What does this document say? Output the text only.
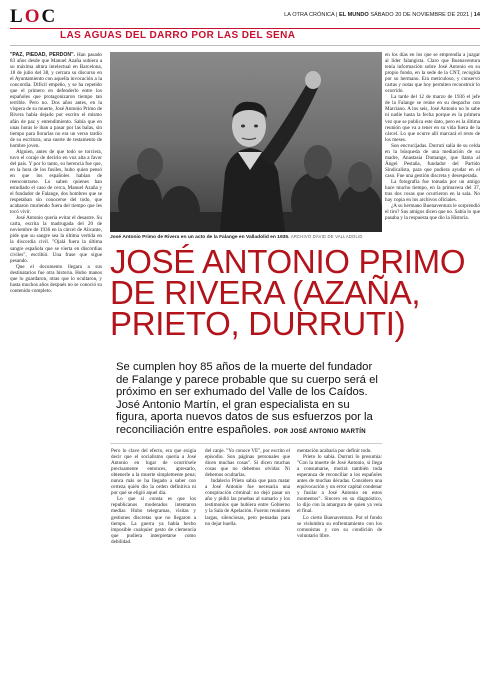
LOC	LA OTRA CRÓNICA | EL MUNDO SÁBADO 20 DE NOVIEMBRE DE 2021 | 14
LAS AGUAS DEL DARRO POR LAS DEL SENA

"PAZ, PIEDAD, PERDÓN". Han pasado 83 años desde que Manuel Azaña subiera a su máxima altura intelectual en Barcelona, 18 de julio del 38, y cerrara su discurso en el Ayuntamiento con aquella invocación a la concordia. Difícil empeño, y se ha repetido que el primero en defenderlo entre los españoles que protagonizaron tiempo tan terrible. Pero no. Dos años antes, en la víspera de su muerte, José Antonio Primo de Rivera había dejado por escrito el mismo afán de paz y entendimiento. Sabía que en unas horas le iban a pasar por las balas, sin tiempo para llorarlas no era un verso tardío de su escritura, una suerte de testamento de hombre joven.

Alguien, antes de que todo se torciera, tuvo el coraje de decirlo en voz alta a favor del país. Y por lo tanto, su herencia fue que, en la hora de los fusiles, hubo quien pensó en que los españoles habían de reencontrarse. Lo saben quienes han estudiado el caso de cerca, Manuel Azaña y el fundador de Falange, dos hombres que se respetaban sin conocerse del todo, que acabaron muriendo fuera del tiempo que les tocó vivir.

José Antonio quería evitar el desastre. Su carta, escrita la madrugada del 20 de noviembre de 1936 en la cárcel de Alicante, pide que su sangre sea la última vertida en la discordia civil. "Ojalá fuera la última sangre española que se vierta en discordias civiles", escribió. Una frase que sigue pesando.

Que el documento llegara a sus destinatarios fue otra historia. Hubo manos que lo guardaron, otras que lo ocultaron, y hasta muchos años después no se conoció su contenido completo.

José Antonio Primo de Rivera en un acto de la Falange en Valladolid en 1935. ARCHIVO DAVID DE VALLADOLID
JOSÉ ANTONIO PRIMO
DE RIVERA (AZAÑA,
PRIETO, DURRUTI)
Se cumplen hoy 85 años de la muerte del fundador de Falange y parece probable que su cuerpo será el próximo en ser exhumado del Valle de los Caídos. José Antonio Martín, el gran especialista en su figura, aporta nuevos datos de sus esfuerzos por la reconciliación entre españoles. POR JOSÉ ANTONIO MARTÍN

Pero lo clave del efecto, era que exigía decir que el socialismo quería a José Antonio en lugar de ocurrírsele precisamente entonces, apresarlo, obtenerle a la muerte simplemente pena; nunca más se ha llegado a saber con certeza quién dio la orden definitiva ni por qué se eligió aquel día.

Lo que sí consta es que los republicanos moderados intentaron mediar. Hubo telegramas, visitas y gestiones discretas que no llegaron a tiempo. La guerra ya había hecho imposible cualquier gesto de clemencia que pudiera interpretarse como debilidad.

del canje. "Yo conoce VE", por escrito el episodio. Son páginas personales que dicen muchas cosas". Si dicen muchas cosas que no debemos olvidar. Ni debemos ocultarlas.

Indalecio Prieto sabía que para matar a José Antonio fue necesaria una conspiración criminal: no dejó pasar un año y pidió las pruebas al sumario y los testimonios que hubiera entre Gobierno y la Sala de Apelación. Fueron reuniones largas, silenciosas, pero pensadas para no dejar huella.

mentación acabaría por definir todo.

Prieto lo sabía. Durruti lo presumía: "Con la muerte de José Antonio, si llega a consumarse, morirá también toda esperanza de reconciliar a los españoles antes de muchas décadas. Considero una equivocación y un error capital condenar y fusilar a José Antonio en estos momentos". Sincero en su diagnóstico, lo dijo con la amargura de quien ya veía el final.

Lo cierto Buenaventura. Por el fondo se vislumbra su enfrentamiento con los comunistas y con su condición de voluntario libre.

en los días en los que se emprendía a juzgar al líder falangista. Claro que Buenaventura tenía información sobre José Antonio en su propio fondo, en la sede de la CNT, recogida por su hermano. Era meticuloso, y conservó cartas y notas que hoy permiten reconstruir lo ocurrido.

La tarde del 12 de marzo de 1936 el jefe de la Falange se reúne en su despacho con Marciano. A los seis, José Antonio no lo sabe ni nadie hasta la fecha porque es la primera vez que se publica este dato, pero es la última reunión que va a tener en su vida fuera de la cárcel. Lo que ocurre allí marcará el resto de los meses.

Son encrucijadas. Durruti salía de su celda en la búsqueda de una mediación de su madre, Anastasia Dumange, que llama al Ángel Pestaña, fundador del Partido Sindicalista, para que pudiera ayudar en el caso. Fue una gestión discreta y desesperada.

La fotografía fue tomada por un amigo hace mucho tiempo, en la primavera del 37, tras dos cosas que ocurrieron en la sala. No hay copia en los archivos oficiales.

¿A su hermano Buenaventura le sorprendió el tiro? Sus amigos dicen que no. Sabía lo que pasaba y la respuesta que dio la Historia.
